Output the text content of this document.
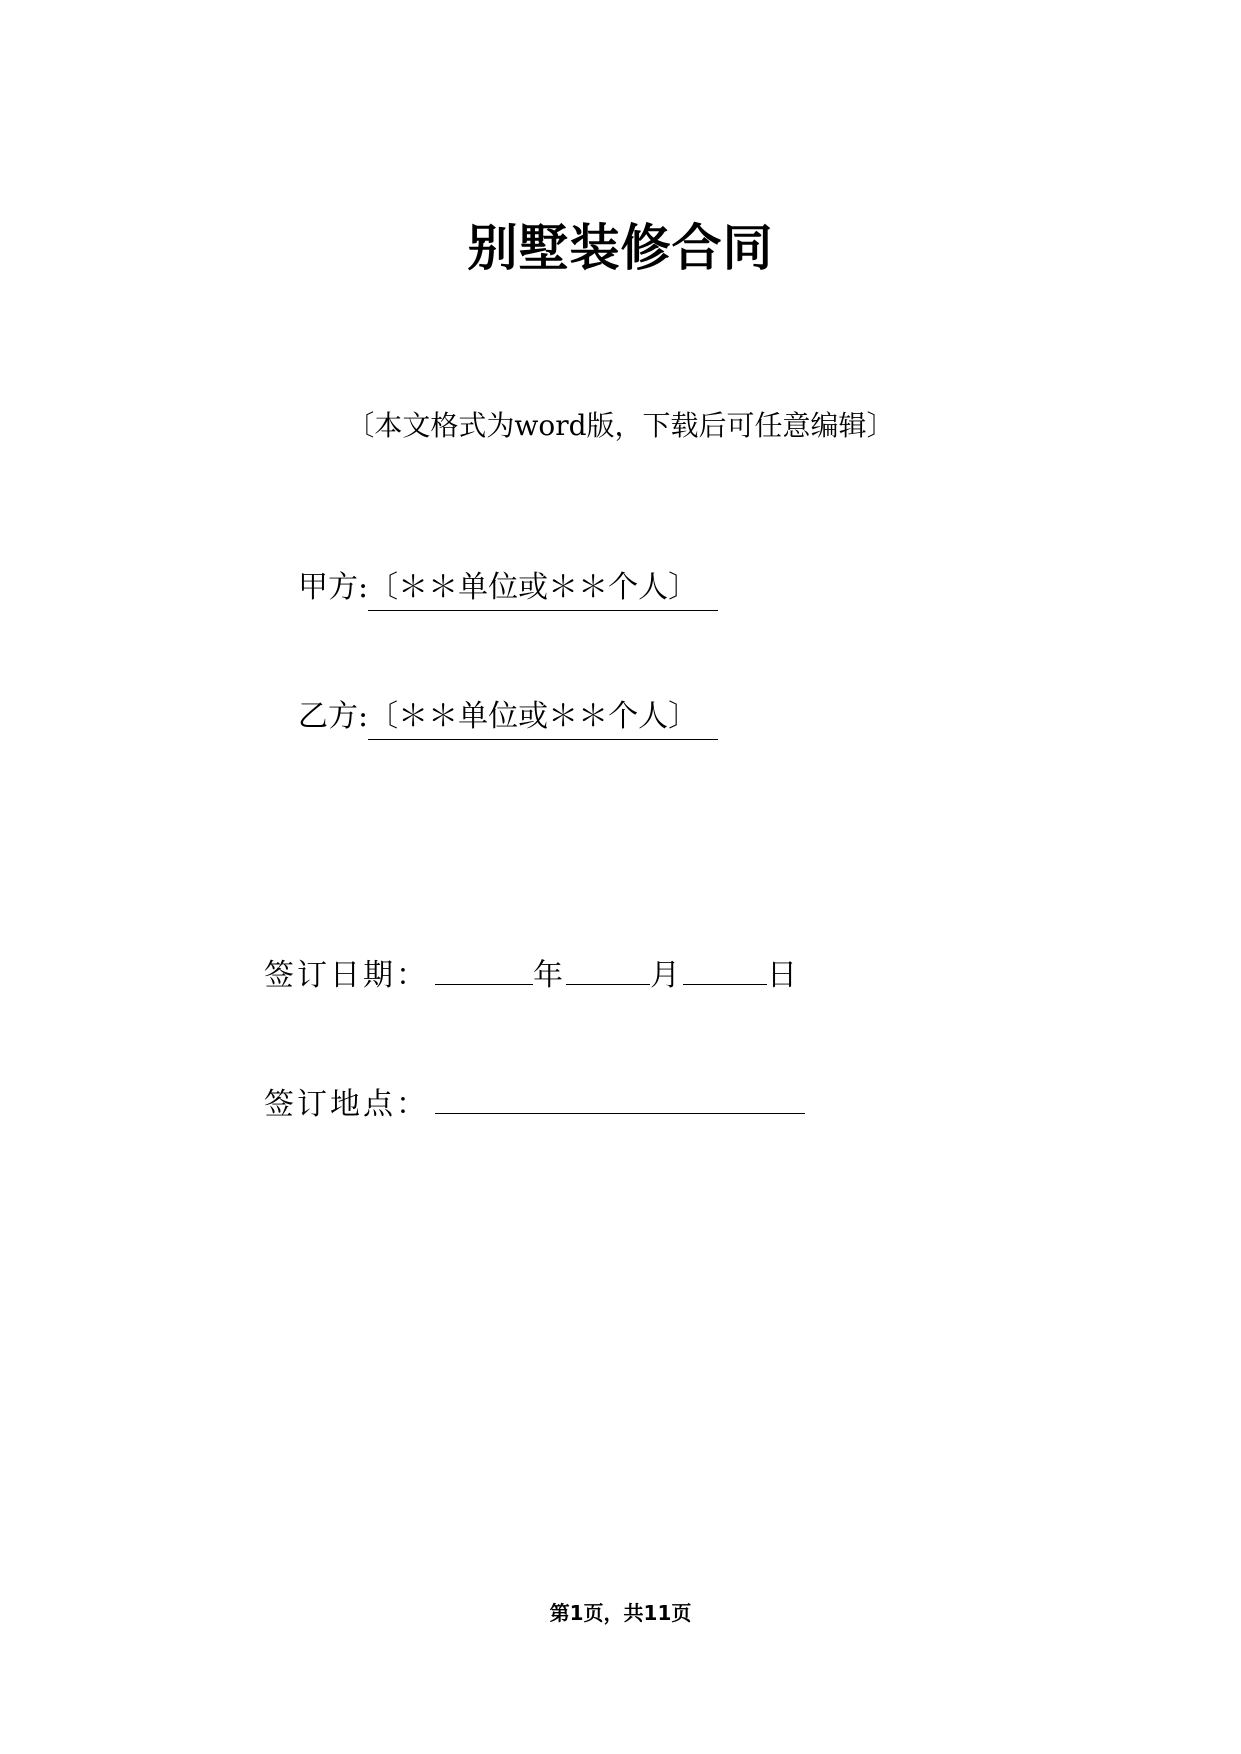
别墅装修合同
〔本文格式为word版，下载后可任意编辑〕
甲方:〔＊＊单位或＊＊个人〕
乙方:〔＊＊单位或＊＊个人〕
签订日期：	年	月	日
签订地点：
第1页，共11页
